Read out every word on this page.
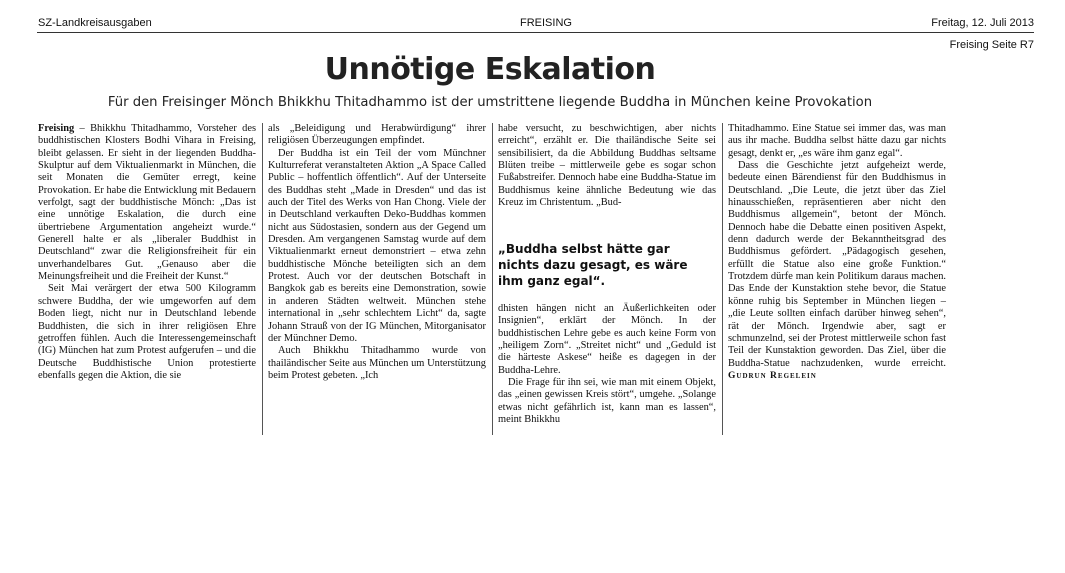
SZ-Landkreisausgaben	FREISING	Freitag, 12. Juli 2013
Freising Seite R7
Unnötige Eskalation
Für den Freisinger Mönch Bhikkhu Thitadhammo ist der umstrittene liegende Buddha in München keine Provokation

Freising – Bhikkhu Thitadhammo, Vorsteher des buddhistischen Klosters Bodhi Vihara in Freising, bleibt gelassen. Er sieht in der liegenden Buddha-Skulptur auf dem Viktualienmarkt in München, die seit Monaten die Gemüter erregt, keine Provokation. Er habe die Entwicklung mit Bedauern verfolgt, sagt der buddhistische Mönch: „Das ist eine unnötige Eskalation, die durch eine übertriebene Argumentation angeheizt wurde.“ Generell halte er als „liberaler Buddhist in Deutschland“ zwar die Religionsfreiheit für ein unverhandelbares Gut. „Genauso aber die Meinungsfreiheit und die Freiheit der Kunst.“

Seit Mai verärgert der etwa 500 Kilogramm schwere Buddha, der wie umgeworfen auf dem Boden liegt, nicht nur in Deutschland lebende Buddhisten, die sich in ihrer religiösen Ehre getroffen fühlen. Auch die Interessengemeinschaft (IG) München hat zum Protest aufgerufen – und die Deutsche Buddhistische Union protestierte ebenfalls gegen die Aktion, die sie

als „Beleidigung und Herabwürdigung“ ihrer religiösen Überzeugungen empfindet.

Der Buddha ist ein Teil der vom Münchner Kulturreferat veranstalteten Aktion „A Space Called Public – hoffentlich öffentlich“. Auf der Unterseite des Buddhas steht „Made in Dresden“ und das ist auch der Titel des Werks von Han Chong. Viele der in Deutschland verkauften Deko-Buddhas kommen nicht aus Südostasien, sondern aus der Gegend um Dresden. Am vergangenen Samstag wurde auf dem Viktualienmarkt erneut demonstriert – etwa zehn buddhistische Mönche beteiligten sich an dem Protest. Auch vor der deutschen Botschaft in Bangkok gab es bereits eine Demonstration, sowie in anderen Städten weltweit. München stehe international in „sehr schlechtem Licht“ da, sagte Johann Strauß von der IG München, Mitorganisator der Münchner Demo.

Auch Bhikkhu Thitadhammo wurde von thailändischer Seite aus München um Unterstützung beim Protest gebeten. „Ich

habe versucht, zu beschwichtigen, aber nichts erreicht“, erzählt er. Die thailändische Seite sei sensibilisiert, da die Abbildung Buddhas seltsame Blüten treibe – mittlerweile gebe es sogar schon Fußabstreifer. Dennoch habe eine Buddha-Statue im Buddhismus keine ähnliche Bedeutung wie das Kreuz im Christentum. „Bud-

„Buddha selbst hätte gar nichts dazu gesagt, es wäre ihm ganz egal“.

dhisten hängen nicht an Äußerlichkeiten oder Insignien“, erklärt der Mönch. In der buddhistischen Lehre gebe es auch keine Form von „heiligem Zorn“. „Streitet nicht“ und „Geduld ist die härteste Askese“ heiße es dagegen in der Buddha-Lehre.

Die Frage für ihn sei, wie man mit einem Objekt, das „einen gewissen Kreis stört“, umgehe. „Solange etwas nicht gefährlich ist, kann man es lassen“, meint Bhikkhu

Thitadhammo. Eine Statue sei immer das, was man aus ihr mache. Buddha selbst hätte dazu gar nichts gesagt, denkt er, „es wäre ihm ganz egal“.

Dass die Geschichte jetzt aufgeheizt werde, bedeute einen Bärendienst für den Buddhismus in Deutschland. „Die Leute, die jetzt über das Ziel hinausschießen, repräsentieren aber nicht den Buddhismus allgemein“, betont der Mönch. Dennoch habe die Debatte einen positiven Aspekt, denn dadurch werde der Bekanntheitsgrad des Buddhismus gefördert. „Pädagogisch gesehen, erfüllt die Statue also eine große Funktion.“ Trotzdem dürfe man kein Politikum daraus machen. Das Ende der Kunstaktion stehe bevor, die Statue könne ruhig bis September in München liegen – „die Leute sollten einfach darüber hinweg sehen“, rät der Mönch. Irgendwie aber, sagt er schmunzelnd, sei der Protest mittlerweile schon fast Teil der Kunstaktion geworden. Das Ziel, über die Buddha-Statue nachzudenken, wurde erreicht. Gudrun Regelein
